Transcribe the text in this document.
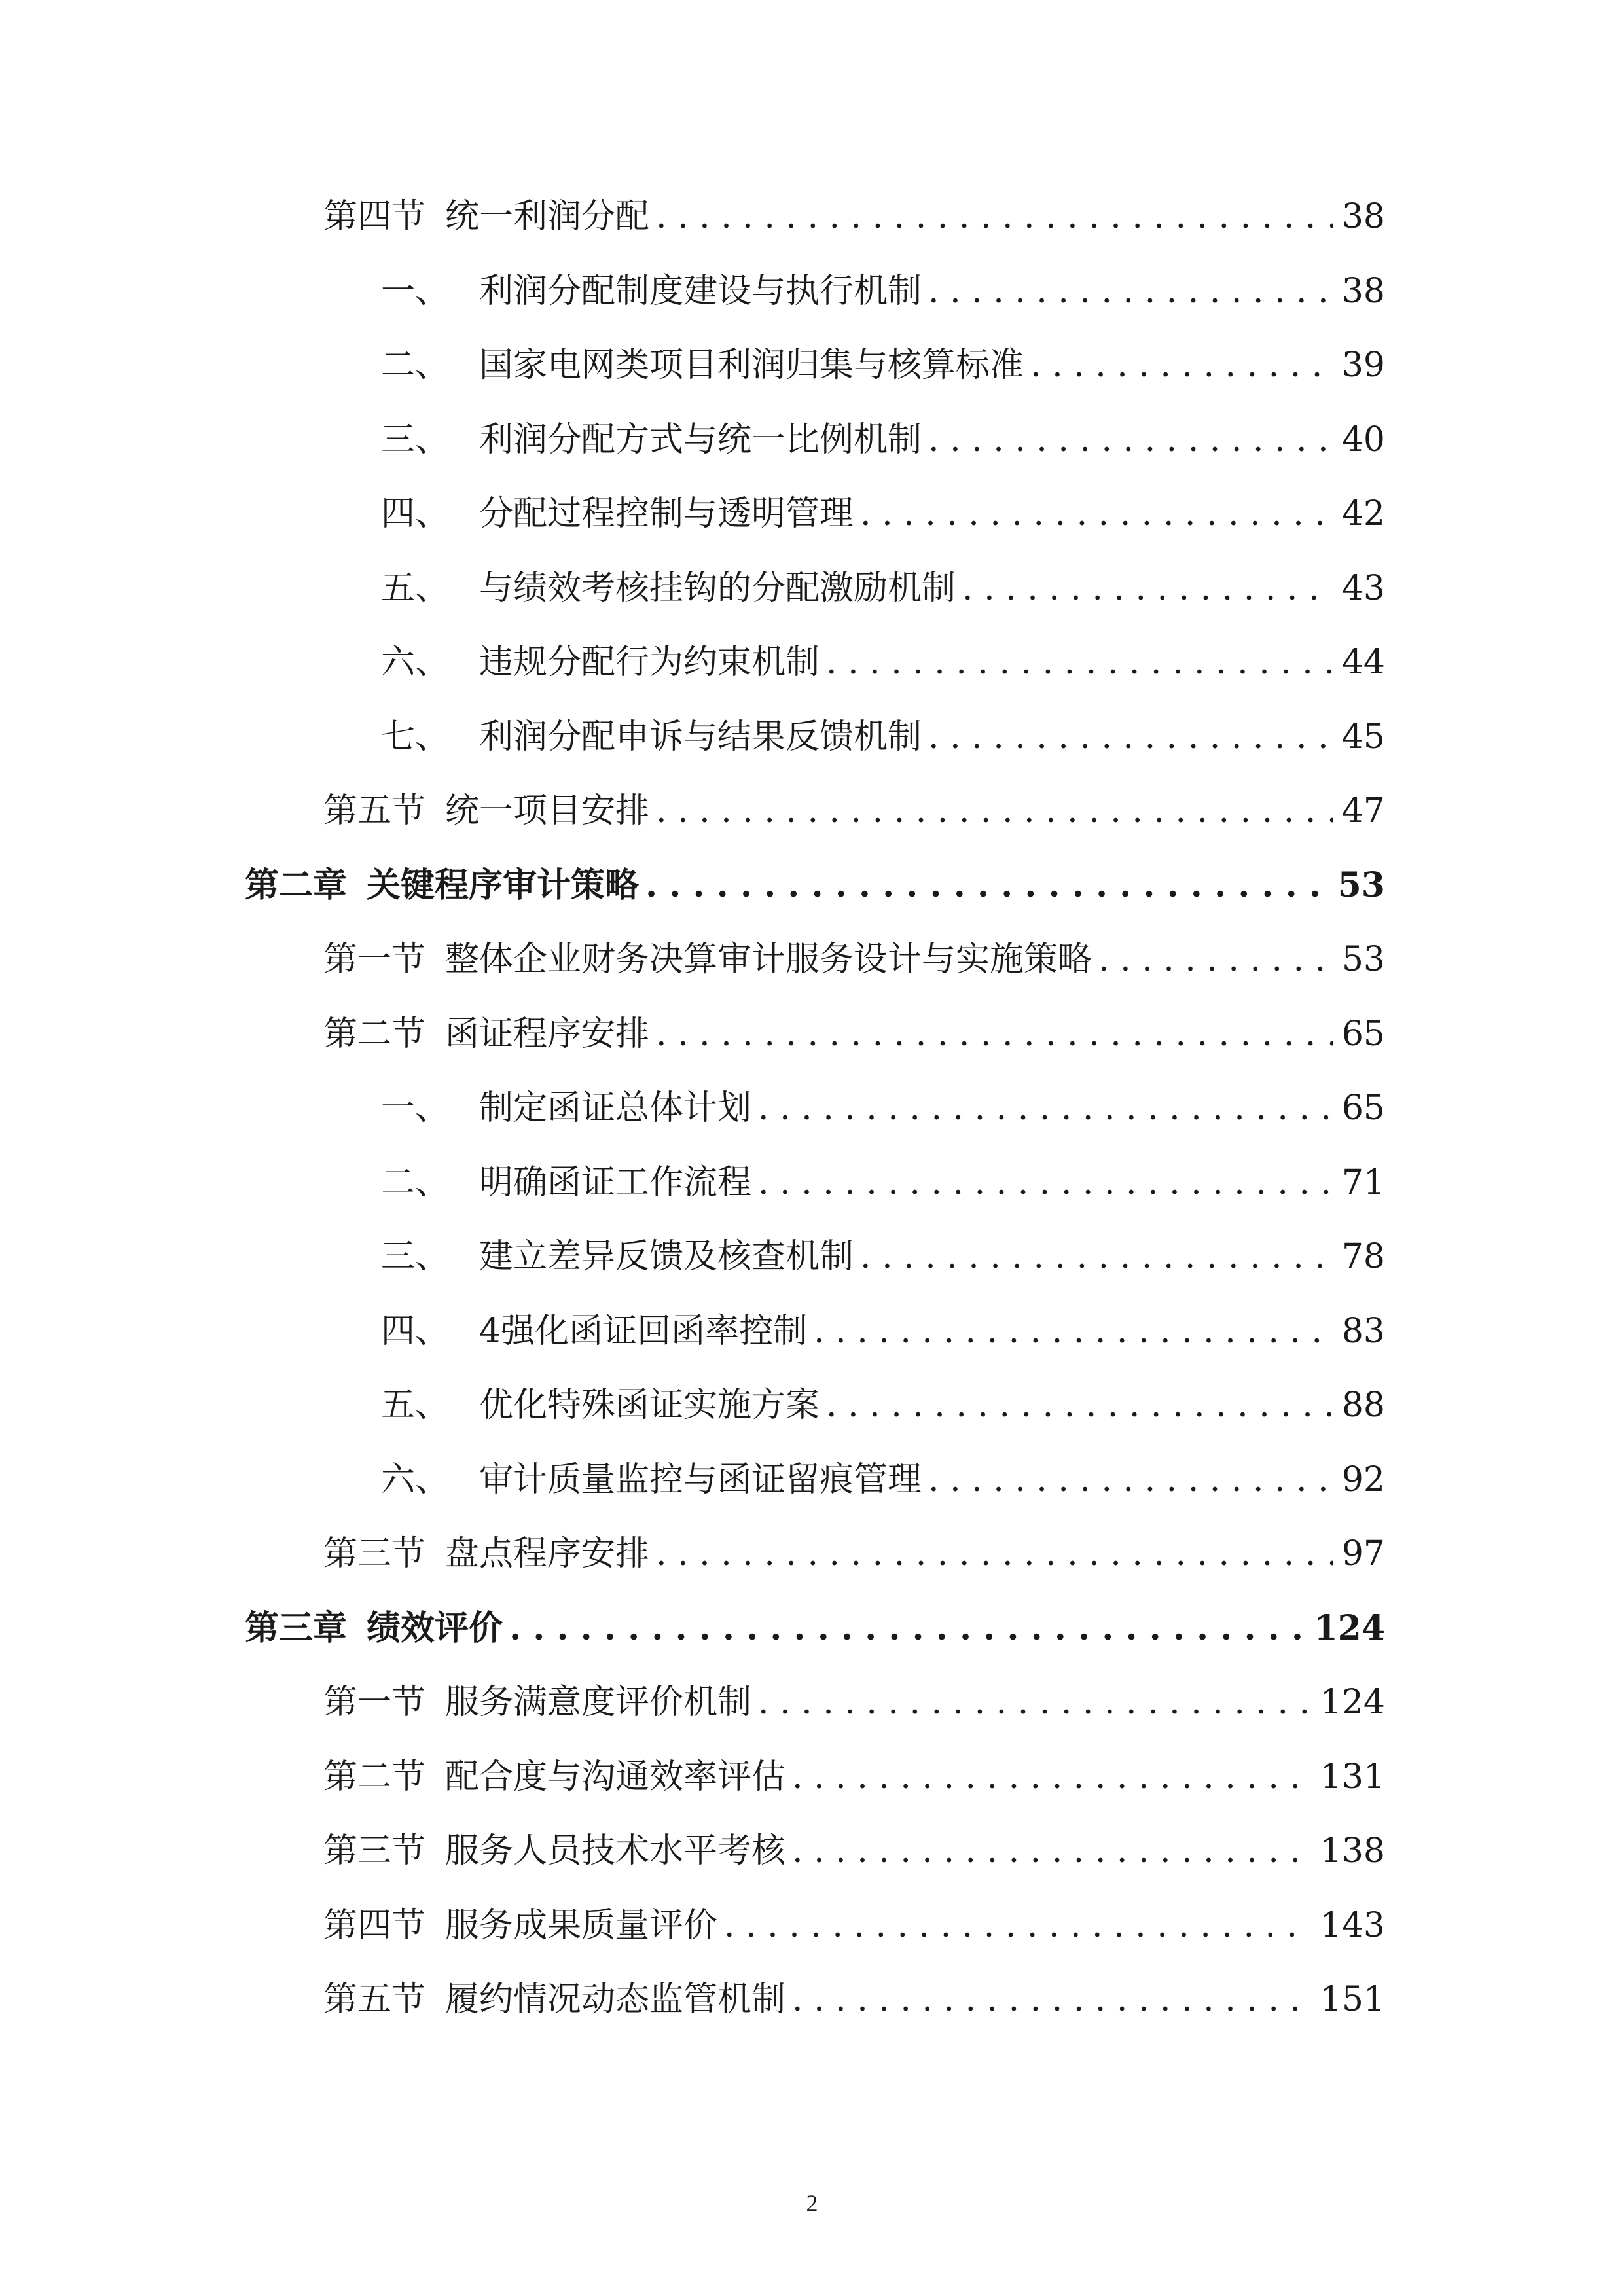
第四节 统一利润分配 . . .	38
一、 利润分配制度建设与执行机制 . . .	38
二、 国家电网类项目利润归集与核算标准 . . .	39
三、 利润分配方式与统一比例机制 . . .	40
四、 分配过程控制与透明管理 . . .	42
五、 与绩效考核挂钩的分配激励机制 . . .	43
六、 违规分配行为约束机制 . . .	44
七、 利润分配申诉与结果反馈机制 . . .	45
第五节 统一项目安排 . . .	47
第二章 关键程序审计策略 . . .	53
第一节 整体企业财务决算审计服务设计与实施策略 . . .	53
第二节 函证程序安排 . . .	65
一、 制定函证总体计划 . . .	65
二、 明确函证工作流程 . . .	71
三、 建立差异反馈及核查机制 . . .	78
四、 4强化函证回函率控制 . . .	83
五、 优化特殊函证实施方案 . . .	88
六、 审计质量监控与函证留痕管理 . . .	92
第三节 盘点程序安排 . . .	97
第三章 绩效评价 . . .	124
第一节 服务满意度评价机制 . . .	124
第二节 配合度与沟通效率评估 . . .	131
第三节 服务人员技术水平考核 . . .	138
第四节 服务成果质量评价 . . .	143
第五节 履约情况动态监管机制 . . .	151
2
